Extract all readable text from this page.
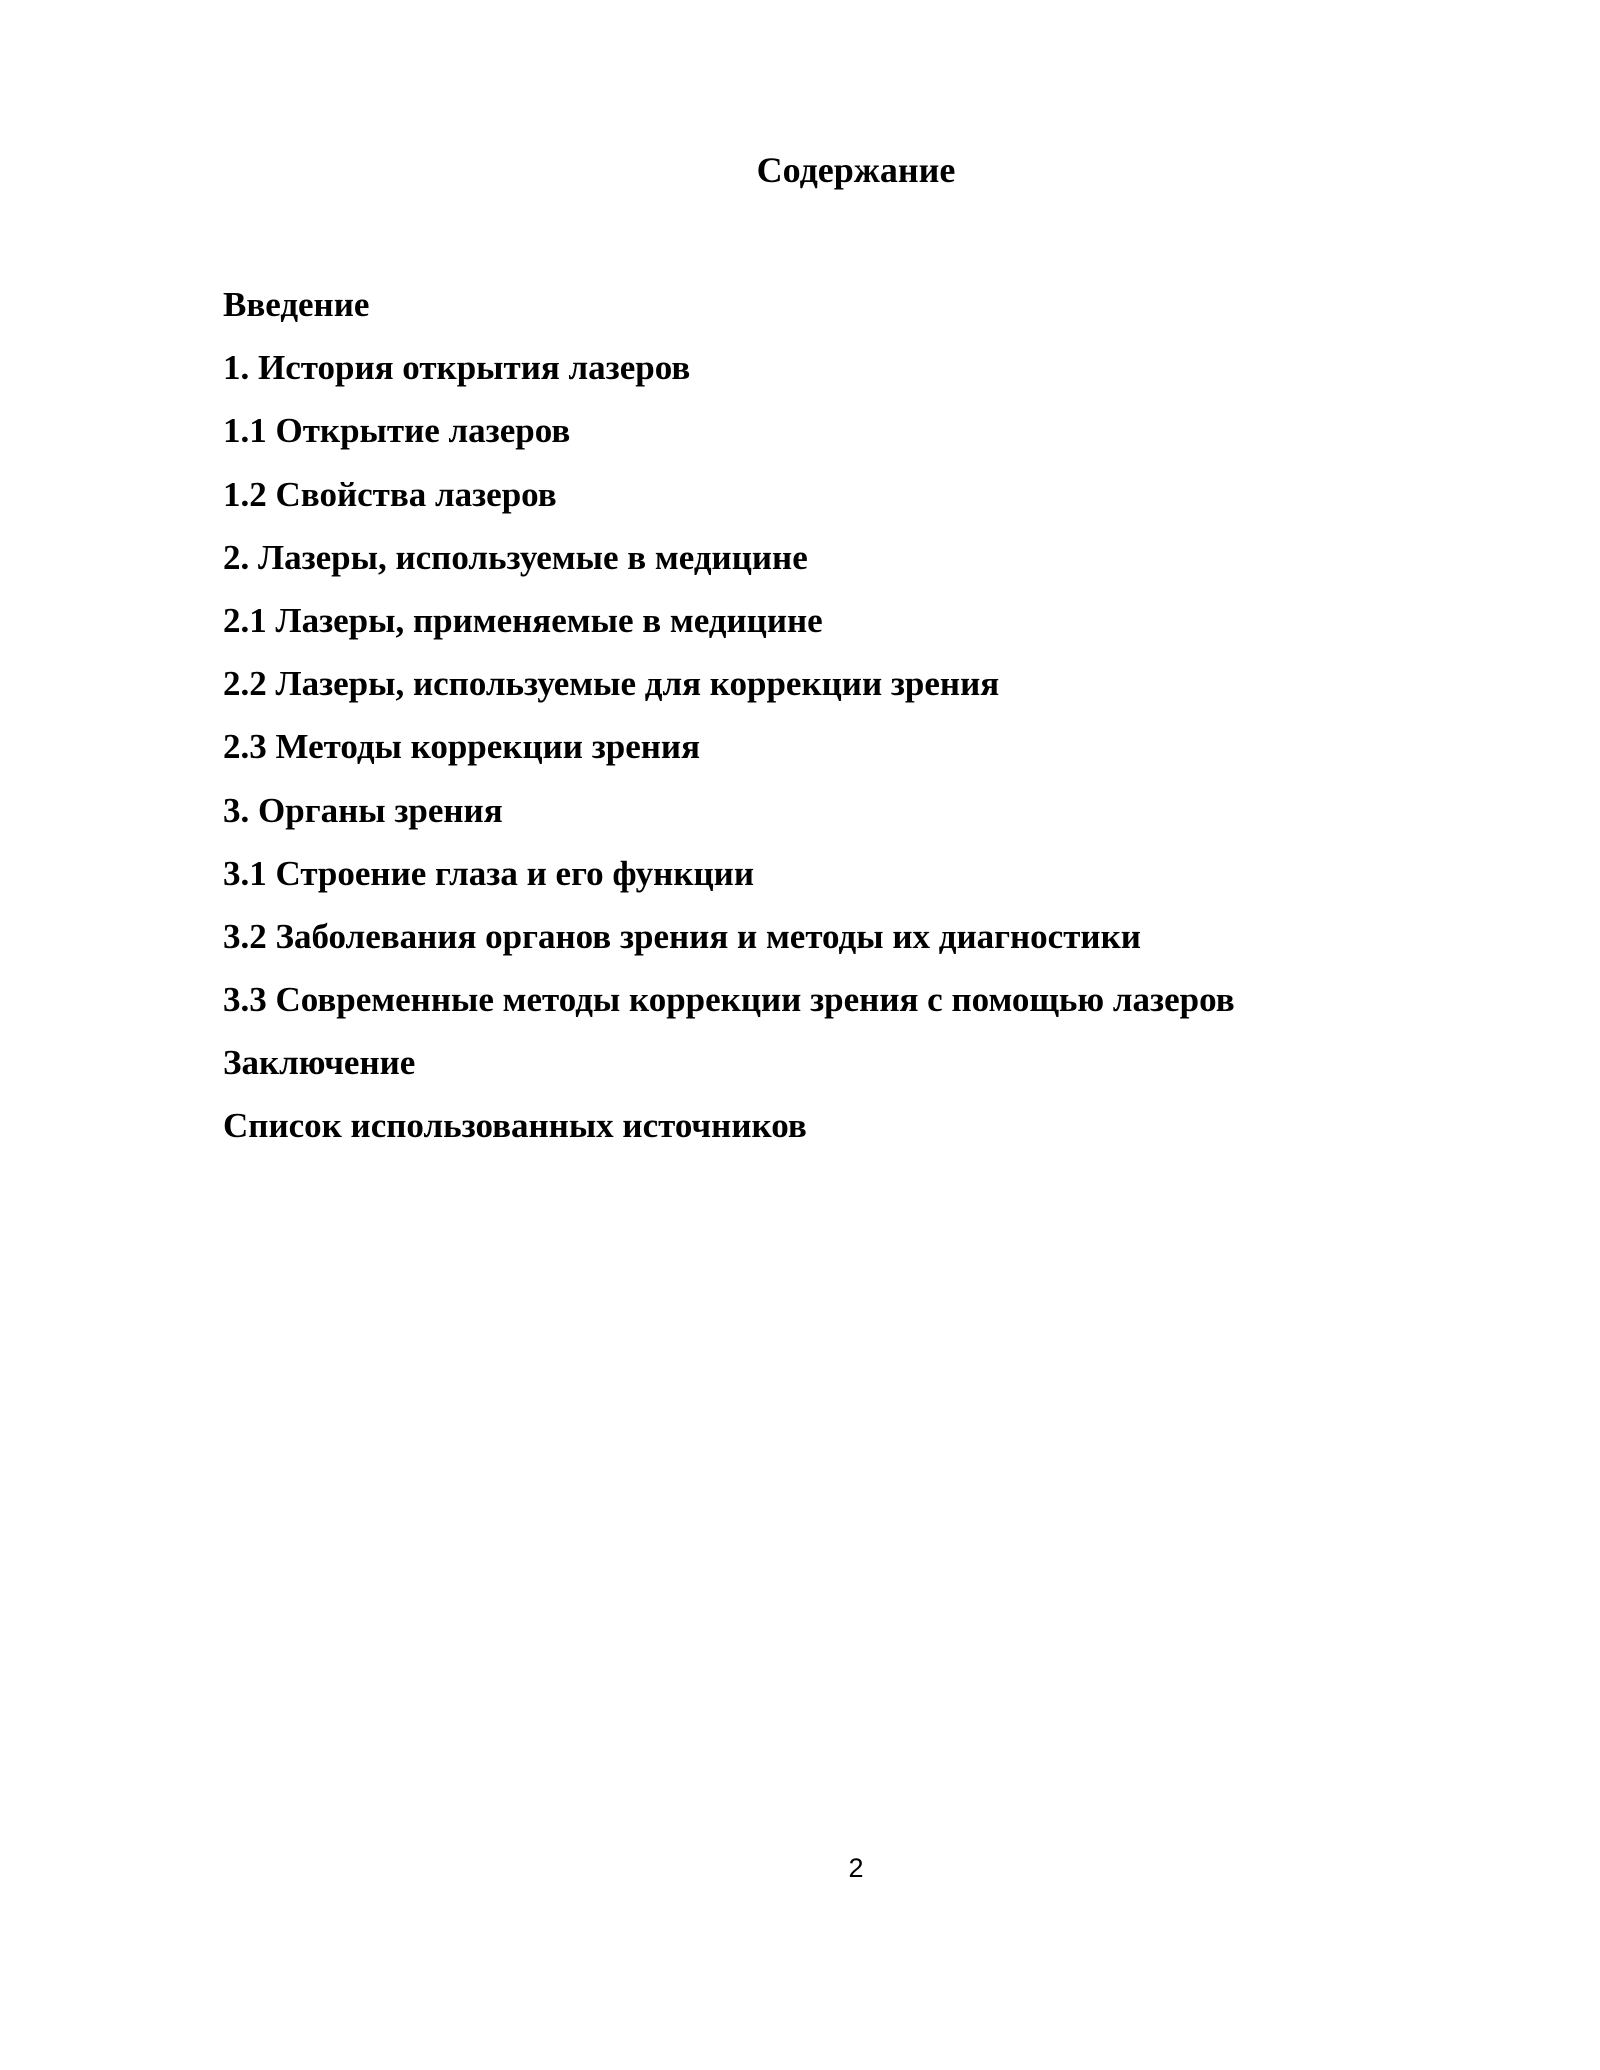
Содержание
Введение
1. История открытия лазеров
1.1 Открытие лазеров
1.2 Свойства лазеров
2. Лазеры, используемые в медицине
2.1 Лазеры, применяемые в медицине
2.2 Лазеры, используемые для коррекции зрения
2.3 Методы коррекции зрения
3. Органы зрения
3.1 Строение глаза и его функции
3.2 Заболевания органов зрения и методы их диагностики
3.3 Современные методы коррекции зрения с помощью лазеров
Заключение
Список использованных источников
2
